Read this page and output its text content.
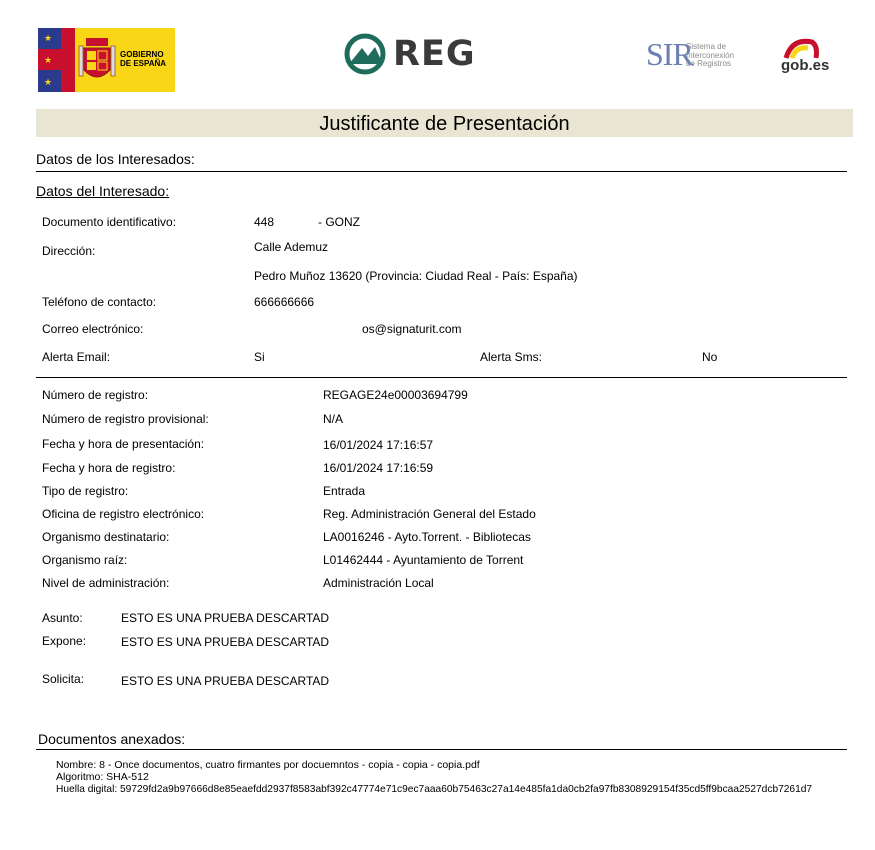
★
★
★
GOBIERNO
DE ESPAÑA	REG	SIR
Sistema de
Interconexión
de Registros	gob.es
Justificante de Presentación
Datos de los Interesados:
Datos del Interesado:
Documento identificativo:	448	- GONZ
Dirección:	Calle Ademuz
Pedro Muñoz 13620 (Provincia: Ciudad Real - País: España)
Teléfono de contacto:	666666666
Correo electrónico:	os@signaturit.com
Alerta Email:	Si	Alerta Sms:	No
Número de registro:	REGAGE24e00003694799
Número de registro provisional:	N/A
Fecha y hora de presentación:	16/01/2024 17:16:57
Fecha y hora de registro:	16/01/2024 17:16:59
Tipo de registro:	Entrada
Oficina de registro electrónico:	Reg. Administración General del Estado
Organismo destinatario:	LA0016246 - Ayto.Torrent. - Bibliotecas
Organismo raíz:	L01462444 - Ayuntamiento de Torrent
Nivel de administración:	Administración Local
Asunto:	ESTO ES UNA PRUEBA DESCARTAD
Expone:	ESTO ES UNA PRUEBA DESCARTAD
Solicita:	ESTO ES UNA PRUEBA DESCARTAD
Documentos anexados:
Nombre: 8 - Once documentos, cuatro firmantes por docuemntos - copia - copia - copia.pdf
Algoritmo: SHA-512
Huella digital: 59729fd2a9b97666d8e85eaefdd2937f8583abf392c47774e71c9ec7aaa60b75463c27a14e485fa1da0cb2fa97fb8308929154f35cd5ff9bcaa2527dcb7261d7
